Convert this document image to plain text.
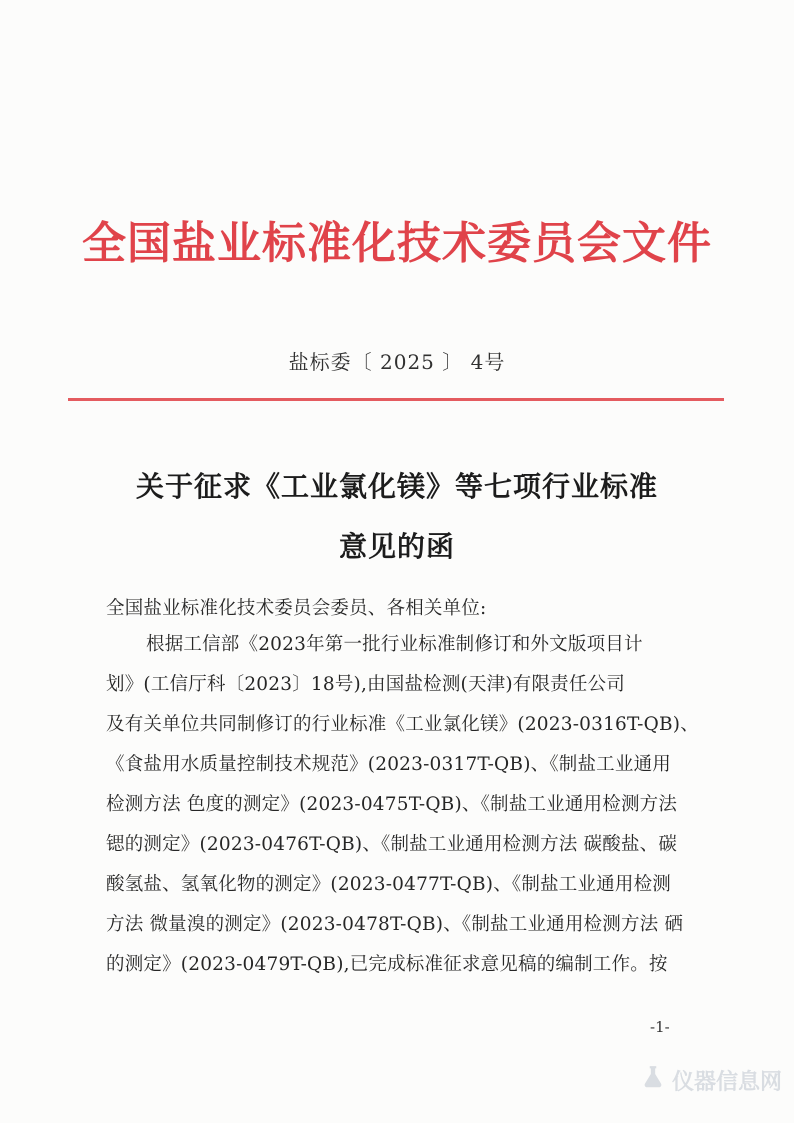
全国盐业标准化技术委员会文件
盐标委〔 2025 〕 4号
关于征求《工业氯化镁》等七项行业标准
意见的函
全国盐业标准化技术委员会委员、各相关单位:
根据工信部《2023年第一批行业标准制修订和外文版项目计
划》(工信厅科〔2023〕18号),由国盐检测(天津)有限责任公司
及有关单位共同制修订的行业标准《工业氯化镁》(2023-0316T-QB)、
《食盐用水质量控制技术规范》(2023-0317T-QB)、《制盐工业通用
检测方法 色度的测定》(2023-0475T-QB)、《制盐工业通用检测方法
锶的测定》(2023-0476T-QB)、《制盐工业通用检测方法 碳酸盐、碳
酸氢盐、氢氧化物的测定》(2023-0477T-QB)、《制盐工业通用检测
方法 微量溴的测定》(2023-0478T-QB)、《制盐工业通用检测方法 硒
的测定》(2023-0479T-QB),已完成标准征求意见稿的编制工作。按
-1-
仪器信息网
